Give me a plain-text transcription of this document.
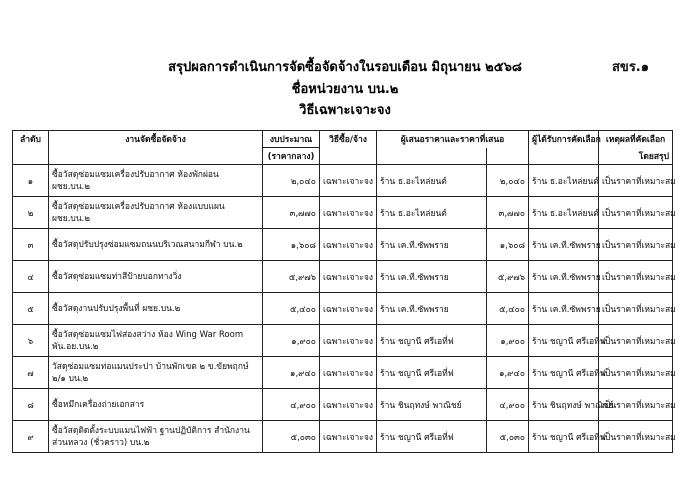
สรุปผลการดำเนินการจัดซื้อจัดจ้างในรอบเดือน มิถุนายน ๒๕๖๘	สขร.๑
ชื่อหน่วยงาน บน.๒
วิธีเฉพาะเจาะจง
ลำดับ	งานจัดซื้อจัดจ้าง	งบประมาณ	วิธีซื้อ/จ้าง	ผู้เสนอราคาและราคาที่เสนอ		ผู้ได้รับการคัดเลือก	เหตุผลที่คัดเลือก
		(ราคากลาง)					โดยสรุป
๑	ซื้อวัสดุซ่อมแซมเครื่องปรับอากาศ ห้องพักผ่อน ผชย.บน.๒	๒,๐๔๐	เฉพาะเจาะจง	ร้าน ธ.อะไหล่ยนต์	๒,๐๔๐	ร้าน ธ.อะไหล่ยนต์	เป็นราคาที่เหมาะสม
๒	ซื้อวัสดุซ่อมแซมเครื่องปรับอากาศ ห้องแบบแผน ผชย.บน.๒	๓,๗๗๐	เฉพาะเจาะจง	ร้าน ธ.อะไหล่ยนต์	๓,๗๗๐	ร้าน ธ.อะไหล่ยนต์	เป็นราคาที่เหมาะสม
๓	ซื้อวัสดุปรับปรุงซ่อมแซมถนนบริเวณสนามกีฬา บน.๒	๑,๖๐๘	เฉพาะเจาะจง	ร้าน เค.ที.ซัพพราย	๑,๖๐๘	ร้าน เค.ที.ซัพพราย	เป็นราคาที่เหมาะสม
๔	ซื้อวัสดุซ่อมแซมท่าสีป้ายบอกทางวิ่ง	๕,๙๗๖	เฉพาะเจาะจง	ร้าน เค.ที.ซัพพราย	๕,๙๗๖	ร้าน เค.ที.ซัพพราย	เป็นราคาที่เหมาะสม
๕	ซื้อวัสดุงานปรับปรุงพื้นที่ ผชย.บน.๒	๕,๔๐๐	เฉพาะเจาะจง	ร้าน เค.ที.ซัพพราย	๕,๔๐๐	ร้าน เค.ที.ซัพพราย	เป็นราคาที่เหมาะสม
๖	ซื้อวัสดุซ่อมแซมไฟส่องสว่าง ห้อง Wing War Room พัน.อย.บน.๒	๑,๙๐๐	เฉพาะเจาะจง	ร้าน ชญานี ศรีเอที่ฟ	๑,๙๐๐	ร้าน ชญานี ศรีเอที่ฟ	เป็นราคาที่เหมาะสม
๗	วัสดุซ่อมแซมท่อแมนประปา บ้านพักเขต ๒ ข.ขัยพฤกษ์ ๒/๑ บน.๒	๑,๙๔๐	เฉพาะเจาะจง	ร้าน ชญานี ศรีเอที่ฟ	๑,๙๔๐	ร้าน ชญานี ศรีเอที่ฟ	เป็นราคาที่เหมาะสม
๘	ซื้อหมึกเครื่องถ่ายเอกสาร	๔,๙๐๐	เฉพาะเจาะจง	ร้าน ชินฤทงษ์ พาณิชย์	๔,๙๐๐	ร้าน ชินฤทงษ์ พาณิชย์	เป็นราคาที่เหมาะสม
๙	ซื้อวัสดุติดตั้งระบบแมนไฟฟ้า ฐานปฏิบัติการ สำนักงานส่วนหลวง (ชั่วคราว) บน.๒	๕,๐๓๐	เฉพาะเจาะจง	ร้าน ชญานี ศรีเอที่ฟ	๕,๐๓๐	ร้าน ชญานี ศรีเอที่ฟ	เป็นราคาที่เหมาะสม
